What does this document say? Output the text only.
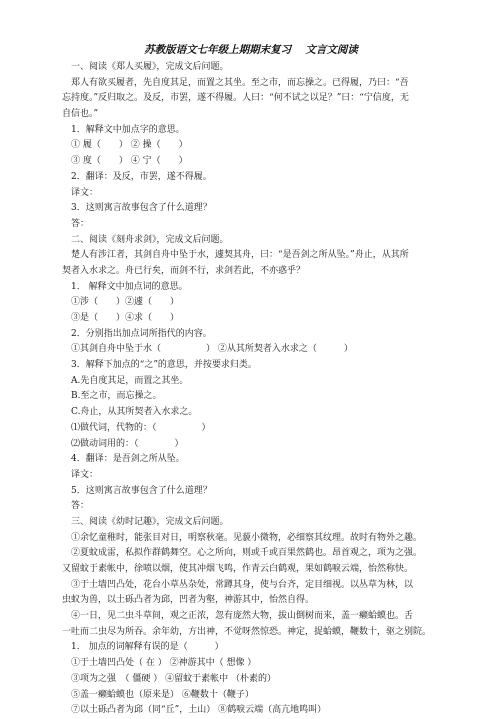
苏教版语文七年级上期期末复习　 文言文阅读
一、阅读《郑人买履》，完成文后问题。
郑人有欲买履者，先自度其足，而置之其坐。至之市，而忘操之。已得履，乃曰：“吾
忘持度。”反归取之。及反，市罢，遂不得履。人曰：“何不试之以足？”曰：“宁信度，无
自信也。”
1．解释文中加点字的意思。
① 履（　　） ② 操（　　）
③ 度（　　） ④ 宁（　　）
2．翻译：及反，市罢，遂不得履。
译文：
3．这则寓言故事包含了什么道理？
答：
二、阅读《刻舟求剑》，完成文后问题。
楚人有涉江者，其剑自舟中坠于水，遽契其舟，曰：“是吾剑之所从坠。”舟止，从其所
契者入水求之。舟已行矣，而剑不行，求剑若此，不亦惑乎？
1． 解释文中加点词的意思。
①涉（　　）②遽（　　）
③是（　　）④求（　　）
2．分别指出加点词所指代的内容。
①其剑自舟中坠于水（　　　　　） ②从其所契者入水求之（　　　）
3．解释下加点的“之”的意思，并按要求归类。
A.先自度其足，而置之其坐。
B.至之市，而忘操之。
C.舟止，从其所契者入水求之。
⑴做代词，代物的：（　　　　　）
⑵做动词用的：（　　　　）
4．翻译：是吾剑之所从坠。
译文：
5．这则寓言故事包含了什么道理？
答：
三、阅读《幼时记趣》，完成文后问题。
①余忆童稚时，能张目对日，明察秋毫。见藐小微物，必细察其纹理。故时有物外之趣。
②夏蚊成雷，私拟作群鹤舞空。心之所向，则或千或百果然鹤也。昂首观之，项为之强。
又留蚊于素帐中，徐喷以烟，使其冲烟飞鸣，作青云白鹤观，果如鹤唳云端，怡然称快。
③于土墙凹凸处，花台小草丛杂处，常蹲其身，使与台齐，定目细视。以丛草为林，以
虫蚁为兽，以土砾凸者为邱，凹者为壑，神游其中，怡然自得。
④一日，见二虫斗草间，观之正浓，忽有庞然大物，拔山倒树而来，盖一癞蛤蟆也。舌
一吐而二虫尽为所吞。余年幼，方出神，不觉呀然惊恐。神定，捉蛤蟆，鞭数十，驱之别院。
1.　加点的词解释有误的是（　　　）
①于土墙凹凸处（ 在 ） ②神游其中（ 想像 ）
③项为之强　（ 僵硬 ） ④留蚊于素帐中 （朴素的）
⑤盖一癞蛤蟆也（原来是） ⑥鞭数十（鞭子）
⑦以土砾凸者为邱（同“丘”，土山） ⑧鹤唳云端（高亢地鸣叫）
